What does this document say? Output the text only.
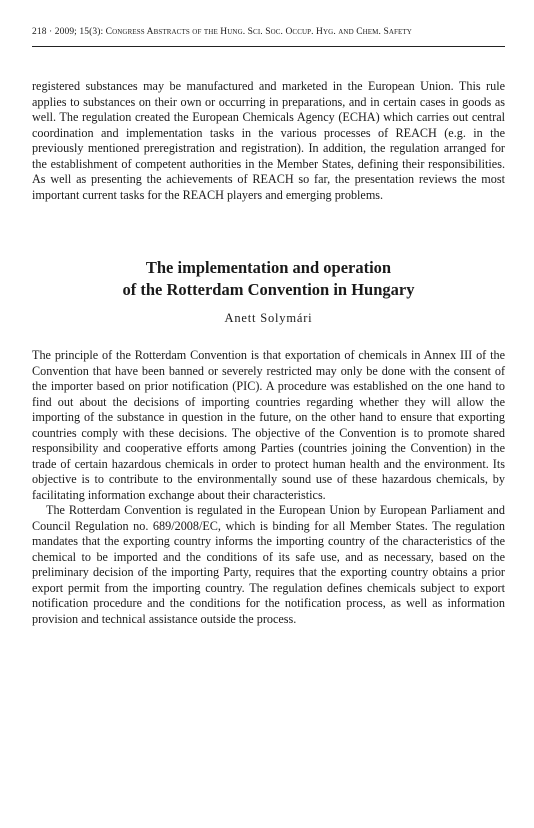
218 · 2009; 15(3): Congress Abstracts of the Hung. Sci. Soc. Occup. Hyg. and Chem. Safety

registered substances may be manufactured and marketed in the European Union. This rule applies to substances on their own or occurring in preparations, and in certain cases in goods as well. The regulation created the European Chemicals Agency (ECHA) which carries out central coordination and implementation tasks in the various processes of REACH (e.g. in the previously mentioned preregistration and registration). In addition, the regulation arranged for the establishment of competent authorities in the Member States, defining their responsibilities. As well as presenting the achievements of REACH so far, the presentation reviews the most important current tasks for the REACH players and emerging problems.

The implementation and operation
of the Rotterdam Convention in Hungary

Anett Solymári

The principle of the Rotterdam Convention is that exportation of chemicals in Annex III of the Convention that have been banned or severely restricted may only be done with the consent of the importer based on prior notification (PIC). A procedure was established on the one hand to find out about the decisions of importing countries regarding whether they will allow the importing of the substance in question in the future, on the other hand to ensure that exporting countries comply with these decisions. The objective of the Convention is to promote shared responsibility and cooperative efforts among Parties (countries joining the Convention) in the trade of certain hazardous chemicals in order to protect human health and the environment. Its objective is to contribute to the environmentally sound use of these hazardous chemicals, by facilitating information exchange about their characteristics.

The Rotterdam Convention is regulated in the European Union by European Parliament and Council Regulation no. 689/2008/EC, which is binding for all Member States. The regulation mandates that the exporting country informs the importing country of the characteristics of the chemical to be imported and the conditions of its safe use, and as necessary, based on the preliminary decision of the importing Party, requires that the exporting country obtains a prior export permit from the importing country. The regulation defines chemicals subject to export notification procedure and the conditions for the notification process, as well as information provision and technical assistance outside the process.
